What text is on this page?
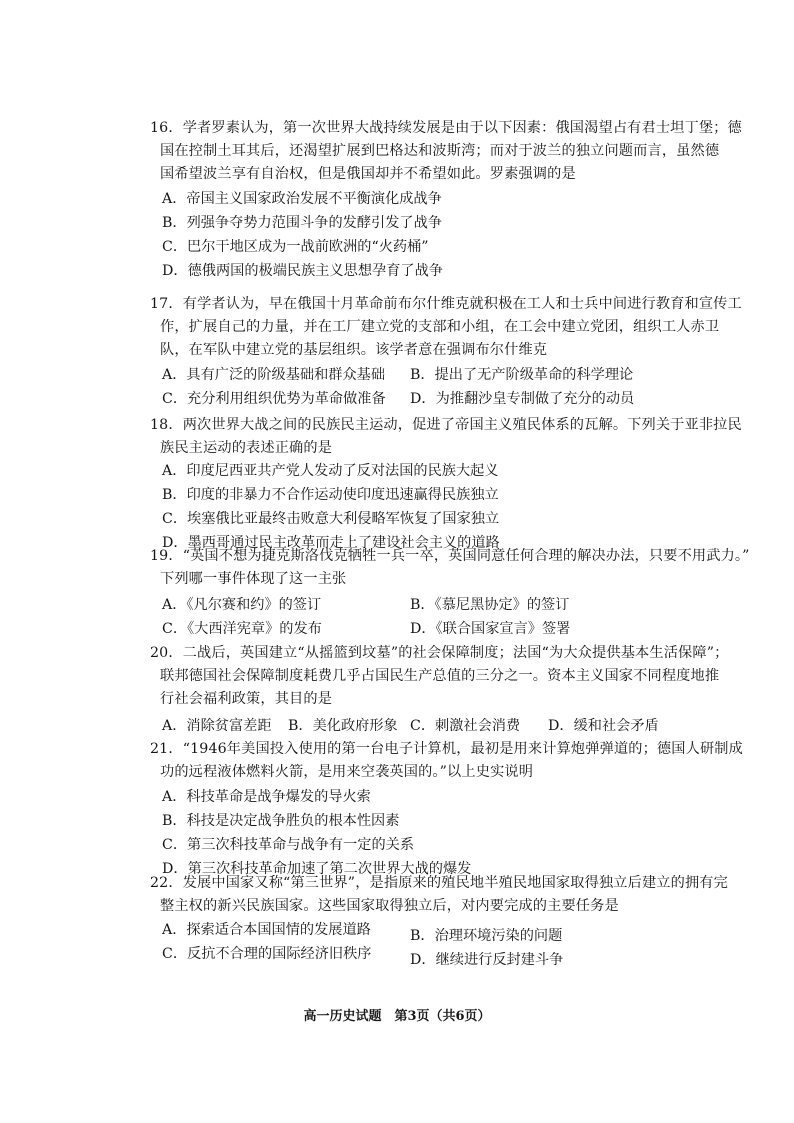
16．学者罗素认为，第一次世界大战持续发展是由于以下因素：俄国渴望占有君士坦丁堡；德
国在控制土耳其后，还渴望扩展到巴格达和波斯湾；而对于波兰的独立问题而言，虽然德
国希望波兰享有自治权，但是俄国却并不希望如此。罗素强调的是
A．帝国主义国家政治发展不平衡演化成战争
B．列强争夺势力范围斗争的发酵引发了战争
C．巴尔干地区成为一战前欧洲的“火药桶”
D．德俄两国的极端民族主义思想孕育了战争
17．有学者认为，早在俄国十月革命前布尔什维克就积极在工人和士兵中间进行教育和宣传工
作，扩展自己的力量，并在工厂建立党的支部和小组，在工会中建立党团，组织工人赤卫
队，在军队中建立党的基层组织。该学者意在强调布尔什维克
A．具有广泛的阶级基础和群众基础 B．提出了无产阶级革命的科学理论
C．充分利用组织优势为革命做准备 D．为推翻沙皇专制做了充分的动员
18．两次世界大战之间的民族民主运动，促进了帝国主义殖民体系的瓦解。下列关于亚非拉民
族民主运动的表述正确的是
A．印度尼西亚共产党人发动了反对法国的民族大起义
B．印度的非暴力不合作运动使印度迅速赢得民族独立
C．埃塞俄比亚最终击败意大利侵略军恢复了国家独立
D．墨西哥通过民主改革而走上了建设社会主义的道路
19．“英国不想为捷克斯洛伐克牺牲一兵一卒，英国同意任何合理的解决办法，只要不用武力。”
下列哪一事件体现了这一主张
A．《凡尔赛和约》的签订	B．《慕尼黑协定》的签订
C．《大西洋宪章》的发布	D．《联合国家宣言》签署
20．二战后，英国建立“从摇篮到坟墓”的社会保障制度；法国“为大众提供基本生活保障”；
联邦德国社会保障制度耗费几乎占国民生产总值的三分之一。资本主义国家不同程度地推
行社会福利政策，其目的是
A．消除贫富差距 B．美化政府形象 C．刺激社会消费 D．缓和社会矛盾
21．“1946年美国投入使用的第一台电子计算机，最初是用来计算炮弹弹道的；德国人研制成
功的远程液体燃料火箭，是用来空袭英国的。”以上史实说明
A．科技革命是战争爆发的导火索
B．科技是决定战争胜负的根本性因素
C．第三次科技革命与战争有一定的关系
D．第三次科技革命加速了第二次世界大战的爆发
22．发展中国家又称“第三世界”，是指原来的殖民地半殖民地国家取得独立后建立的拥有完
整主权的新兴民族国家。这些国家取得独立后，对内要完成的主要任务是
A．探索适合本国国情的发展道路	B．治理环境污染的问题
C．反抗不合理的国际经济旧秩序	D．继续进行反封建斗争
高一历史试题　第3页（共6页）
